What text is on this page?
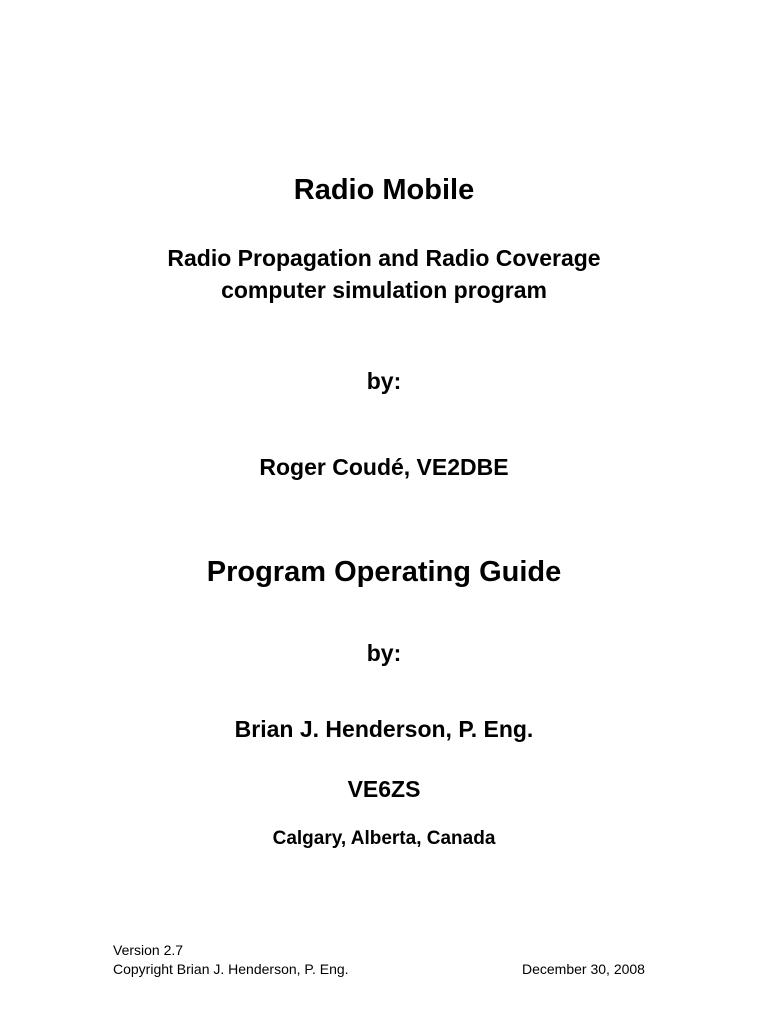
Radio Mobile
Radio Propagation and Radio Coverage
computer simulation program
by:
Roger Coudé, VE2DBE
Program Operating Guide
by:
Brian J. Henderson, P. Eng.
VE6ZS
Calgary, Alberta, Canada
Version 2.7
Copyright Brian J. Henderson, P. Eng.	December 30, 2008
